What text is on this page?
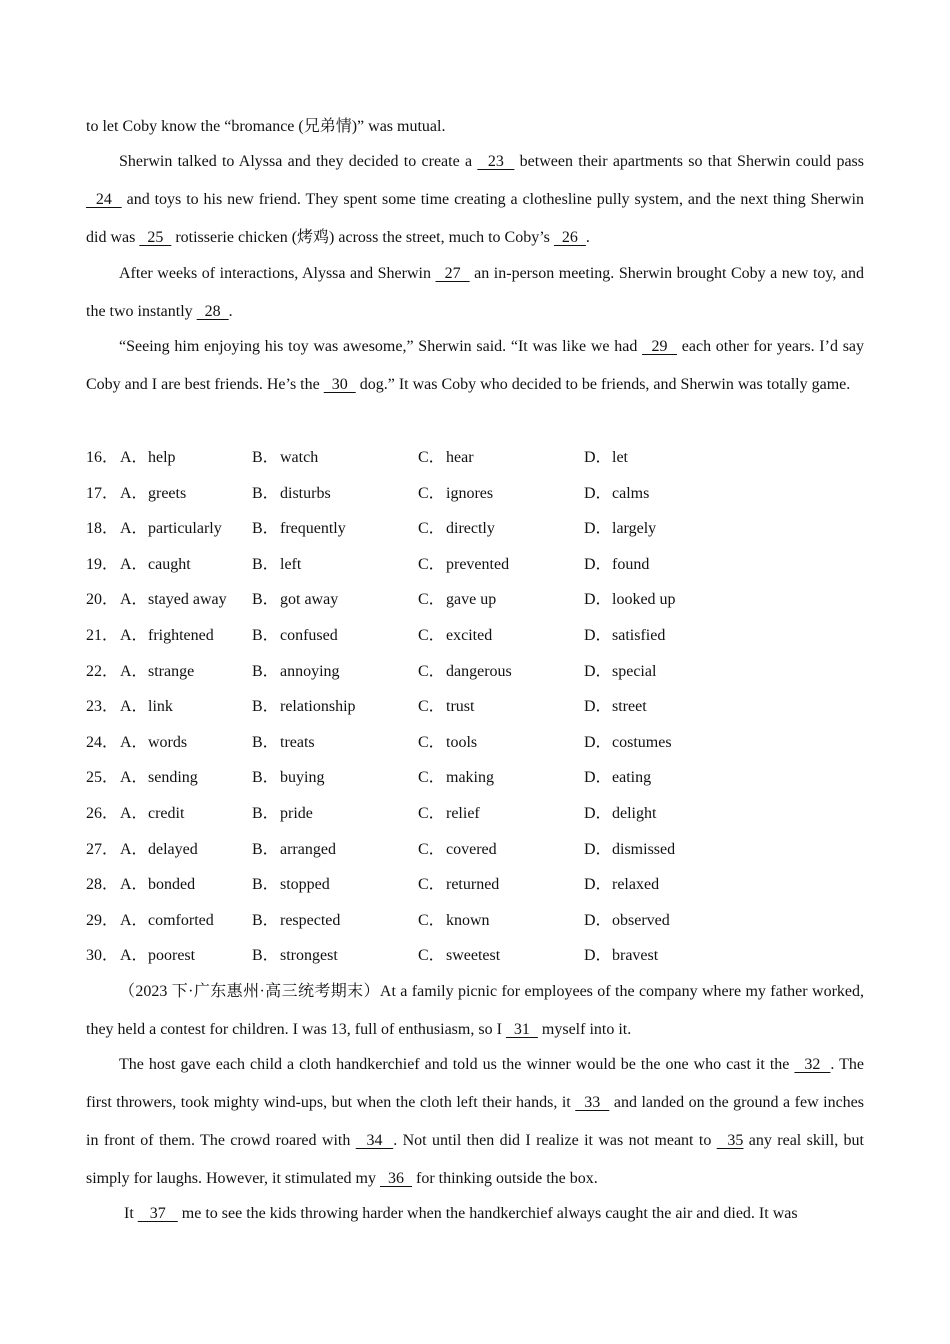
to let Coby know the “bromance (兄弟情)” was mutual.

Sherwin talked to Alyssa and they decided to create a   23   between their apartments so that Sherwin could pass   24   and toys to his new friend. They spent some time creating a clothesline pully system, and the next thing Sherwin did was   25   rotisserie chicken (烤鸡) across the street, much to Coby’s   26  .

After weeks of interactions, Alyssa and Sherwin   27   an in-person meeting. Sherwin brought Coby a new toy, and the two instantly   28  .

“Seeing him enjoying his toy was awesome,” Sherwin said. “It was like we had   29   each other for years. I’d say Coby and I are best friends. He’s the   30   dog.” It was Coby who decided to be friends, and Sherwin was totally game.

16． A．help	B．watch	C．hear	D．let
17． A．greets	B．disturbs	C．ignores	D．calms
18． A．particularly B．frequently	C．directly	D．largely
19． A．caught	B．left	C．prevented	D．found
20． A．stayed away B．got away	C．gave up	D．looked up
21． A．frightened B．confused	C．excited	D．satisfied
22． A．strange	B．annoying	C．dangerous	D．special
23． A．link	B．relationship	C．trust	D．street
24． A．words	B．treats	C．tools	D．costumes
25． A．sending	B．buying	C．making	D．eating
26． A．credit	B．pride	C．relief	D．delight
27． A．delayed	B．arranged	C．covered	D．dismissed
28． A．bonded	B．stopped	C．returned	D．relaxed
29． A．comforted B．respected	C．known	D．observed
30． A．poorest	B．strongest	C．sweetest	D．bravest

（2023 下·广东惠州·高三统考期末）At a family picnic for employees of the company where my father worked, they held a contest for children. I was 13, full of enthusiasm, so I   31   myself into it.

The host gave each child a cloth handkerchief and told us the winner would be the one who cast it the   32  . The first throwers, took mighty wind-ups, but when the cloth left their hands, it   33   and landed on the ground a few inches in front of them. The crowd roared with   34  . Not until then did I realize it was not meant to   35 any real skill, but simply for laughs. However, it stimulated my   36   for thinking outside the box.

It    37    me to see the kids throwing harder when the handkerchief always caught the air and died. It was
